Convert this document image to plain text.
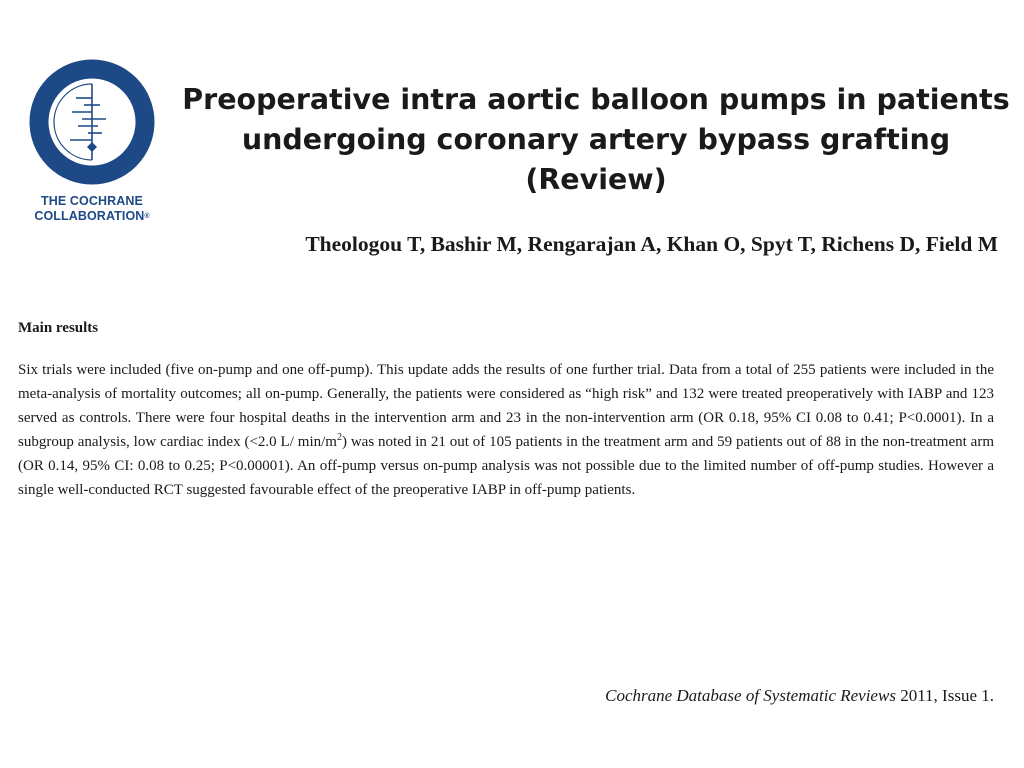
THE COCHRANE
COLLABORATION®
Preoperative intra aortic balloon pumps in patients
undergoing coronary artery bypass grafting (Review)

Theologou T, Bashir M, Rengarajan A, Khan O, Spyt T, Richens D, Field M

Main results

Six trials were included (five on-pump and one off-pump). This update adds the results of one further trial. Data from a total of 255 patients were included in the meta-analysis of mortality outcomes; all on-pump. Generally, the patients were considered as “high risk” and 132 were treated preoperatively with IABP and 123 served as controls. There were four hospital deaths in the intervention arm and 23 in the non-intervention arm (OR 0.18, 95% CI 0.08 to 0.41; P<0.0001). In a subgroup analysis, low cardiac index (<2.0 L/ $\min/m^2$) was noted in 21 out of 105 patients in the treatment arm and 59 patients out of 88 in the non-treatment arm (OR 0.14, 95% CI: 0.08 to 0.25; P<0.00001). An off-pump versus on-pump analysis was not possible due to the limited number of off-pump studies. However a single well-conducted RCT suggested favourable effect of the preoperative IABP in off-pump patients.

Cochrane Database of Systematic Reviews 2011, Issue 1.
